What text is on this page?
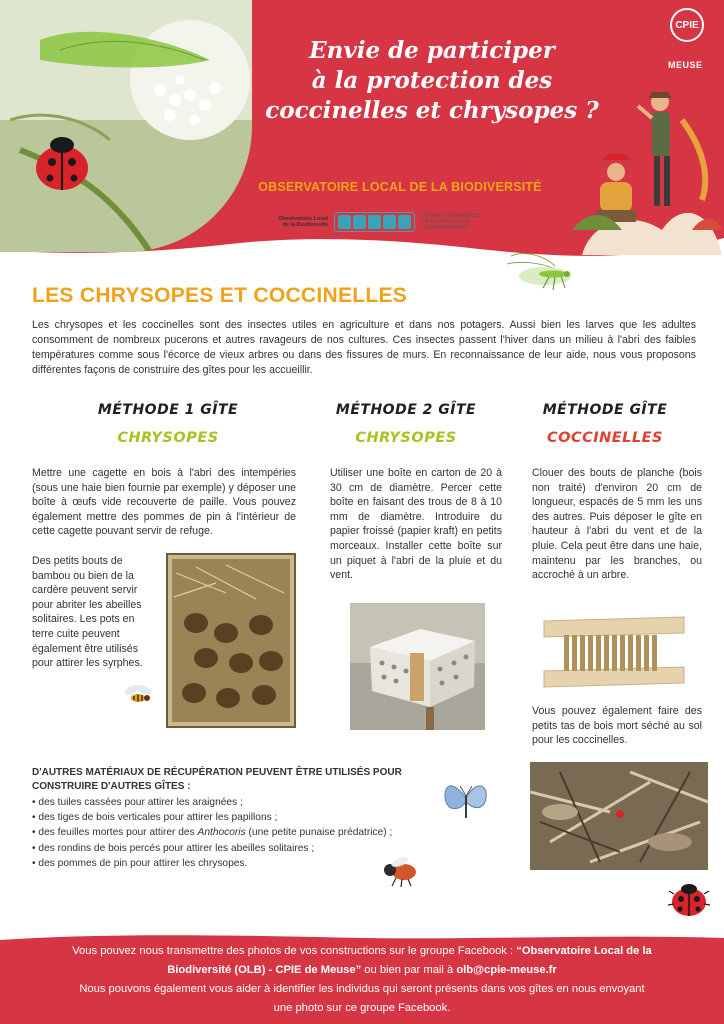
Envie de participer
à la protection des
coccinelles et chrysopes ?
CPIE
MEUSE
OBSERVATOIRE LOCAL DE LA BIODIVERSITÉ
Observatoire Local de la Biodiversité
CENTRES PERMANENTS D'INITIATIVES POUR L'ENVIRONNEMENT
LES CHRYSOPES ET COCCINELLES

Les chrysopes et les coccinelles sont des insectes utiles en agriculture et dans nos potagers. Aussi bien les larves que les adultes consomment de nombreux pucerons et autres ravageurs de nos cultures. Ces insectes passent l'hiver dans un milieu à l'abri des faibles températures comme sous l'écorce de vieux arbres ou dans des fissures de murs. En reconnaissance de leur aide, nous vous proposons différentes façons de construire des gîtes pour les accueillir.

MÉTHODE 1 GÎTE
CHRYSOPES

Mettre une cagette en bois à l'abri des intempéries (sous une haie bien fournie par exemple) y déposer une boîte à œufs vide recouverte de paille. Vous pouvez également mettre des pommes de pin à l'intérieur de cette cagette pouvant servir de refuge.

Des petits bouts de bambou ou bien de la cardère peuvent servir pour abriter les abeilles solitaires. Les pots en terre cuite peuvent également être utilisés pour attirer les syrphes.

MÉTHODE 2 GÎTE
CHRYSOPES

Utiliser une boîte en carton de 20 à 30 cm de diamètre. Percer cette boîte en faisant des trous de 8 à 10 mm de diamètre. Introduire du papier froissé (papier kraft) en petits morceaux. Installer cette boîte sur un piquet à l'abri de la pluie et du vent.

MÉTHODE GÎTE
COCCINELLES

Clouer des bouts de planche (bois non traité) d'environ 20 cm de longueur, espacés de 5 mm les uns des autres. Puis déposer le gîte en hauteur à l'abri du vent et de la pluie. Cela peut être dans une haie, maintenu par les branches, ou accroché à un arbre.

Vous pouvez également faire des petits tas de bois mort séché au sol pour les coccinelles.

D'AUTRES MATÉRIAUX DE RÉCUPÉRATION PEUVENT ÊTRE UTILISÉS POUR CONSTRUIRE D'AUTRES GÎTES :

• des tuiles cassées pour attirer les araignées ;
• des tiges de bois verticales pour attirer les papillons ;
• des feuilles mortes pour attirer des Anthocoris (une petite punaise prédatrice) ;
• des rondins de bois percés pour attirer les abeilles solitaires ;
• des pommes de pin pour attirer les chrysopes.

Vous pouvez nous transmettre des photos de vos constructions sur le groupe Facebook : “Observatoire Local de la Biodiversité (OLB) - CPIE de Meuse” ou bien par mail à olb@cpie-meuse.fr
Nous pouvons également vous aider à identifier les individus qui seront présents dans vos gîtes en nous envoyant une photo sur ce groupe Facebook.
